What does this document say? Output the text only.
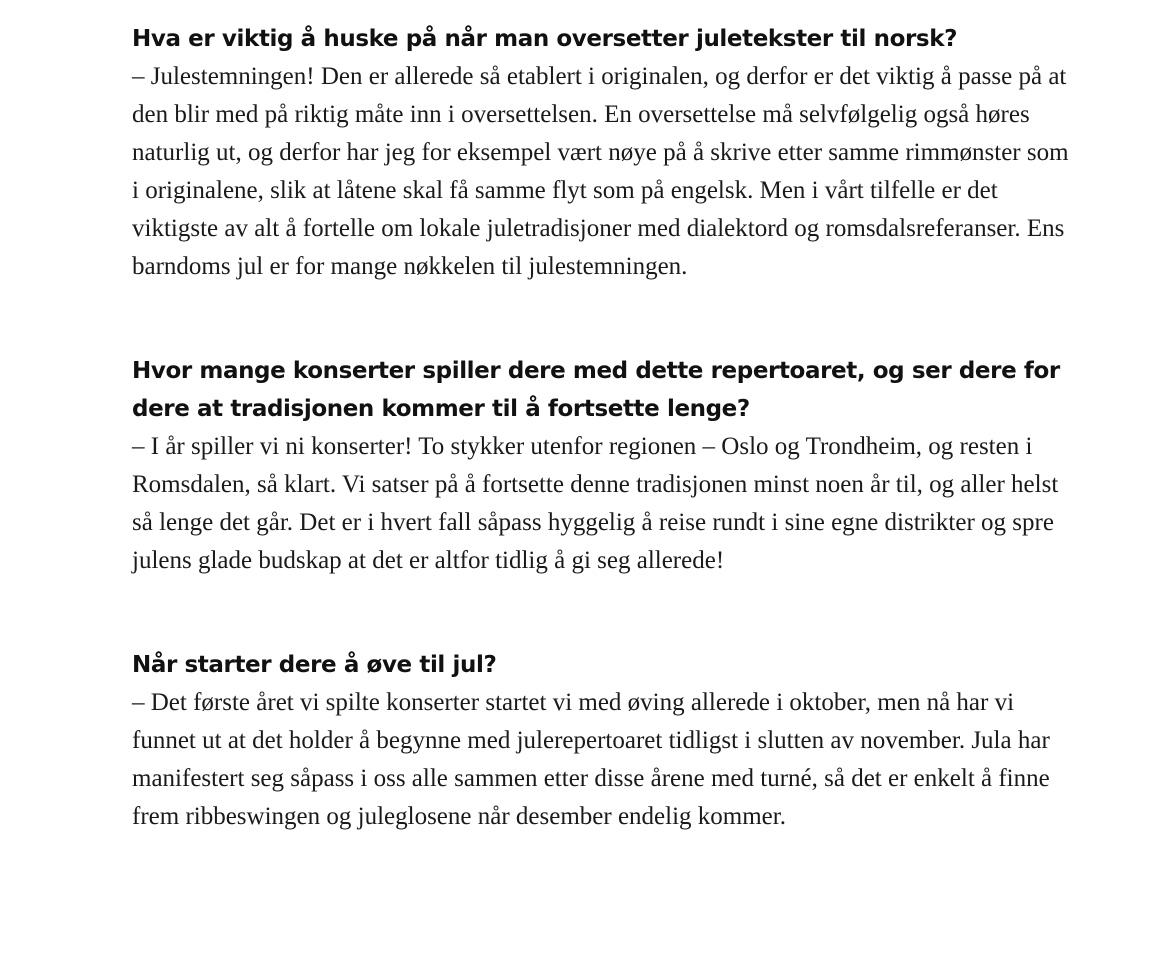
Hva er viktig å huske på når man oversetter juletekster til norsk?

– Julestemningen! Den er allerede så etablert i originalen, og derfor er det viktig å passe på at den blir med på riktig måte inn i oversettelsen. En oversettelse må selvfølgelig også høres naturlig ut, og derfor har jeg for eksempel vært nøye på å skrive etter samme rimmønster som i originalene, slik at låtene skal få samme flyt som på engelsk. Men i vårt tilfelle er det viktigste av alt å fortelle om lokale juletradisjoner med dialektord og romsdalsreferanser. Ens barndoms jul er for mange nøkkelen til julestemningen.

Hvor mange konserter spiller dere med dette repertoaret, og ser dere for dere at tradisjonen kommer til å fortsette lenge?

– I år spiller vi ni konserter! To stykker utenfor regionen – Oslo og Trondheim, og resten i Romsdalen, så klart. Vi satser på å fortsette denne tradisjonen minst noen år til, og aller helst så lenge det går. Det er i hvert fall såpass hyggelig å reise rundt i sine egne distrikter og spre julens glade budskap at det er altfor tidlig å gi seg allerede!

Når starter dere å øve til jul?

– Det første året vi spilte konserter startet vi med øving allerede i oktober, men nå har vi funnet ut at det holder å begynne med julerepertoaret tidligst i slutten av november. Jula har manifestert seg såpass i oss alle sammen etter disse årene med turné, så det er enkelt å finne frem ribbeswingen og juleglosene når desember endelig kommer.
